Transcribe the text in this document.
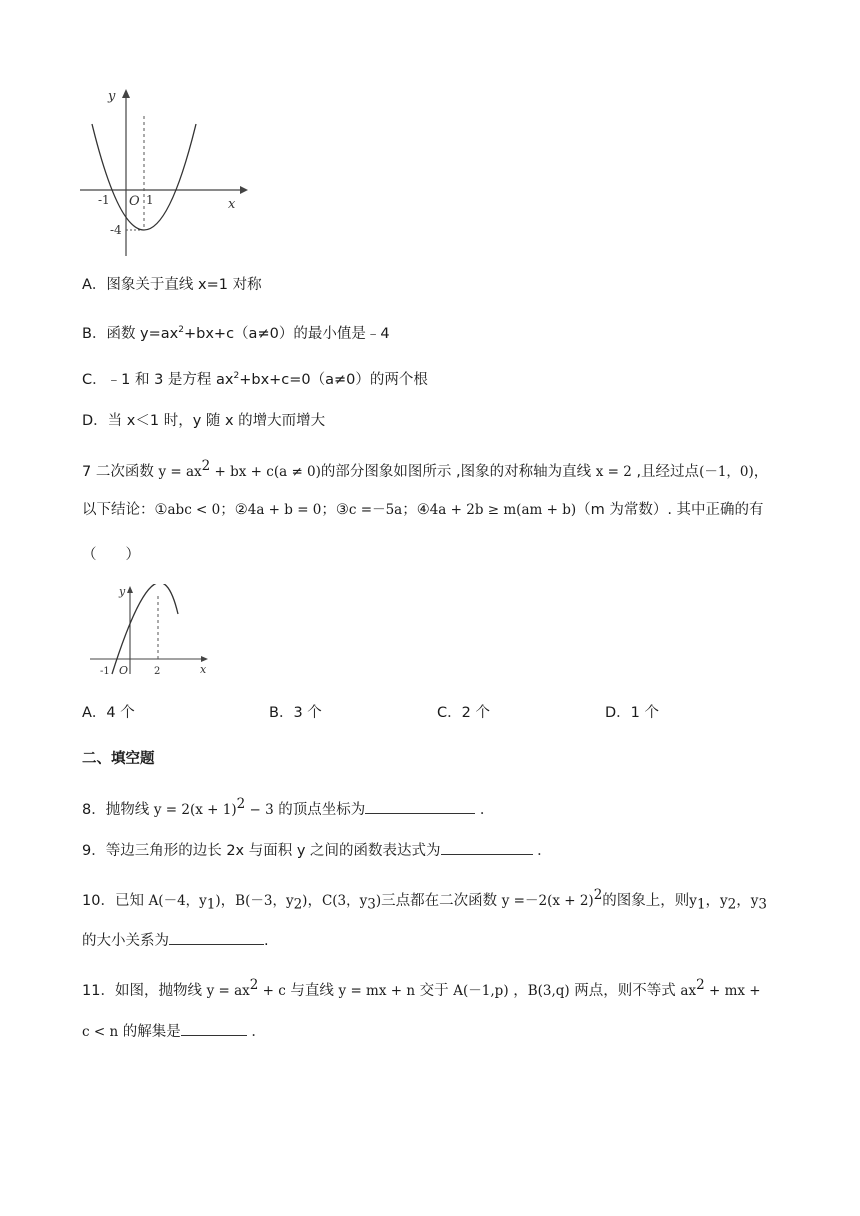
y
x
O
-1	1
-4
A．图象关于直线 x=1 对称
B．函数 $y=ax^2+bx+c(a\ne 0)$的最小值是﹣4
C．﹣1 和 3 是方程 $ax^2+bx+c=0(a\ne 0)$的两个根
D．当 x＜1 时，y 随 x 的增大而增大
7 二次函数 $y = ax^2$ + bx + c(a ≠ 0)的部分图象如图所示 ,图象的对称轴为直线 x = 2 ,且经过点(－1，0)，
以下结论：①abc < 0；②4a + b = 0；③c =－5a；④4a + 2b ≥ m(am + b)（m 为常数）. 其中正确的有
（　　）
y
x
O
-1	2
A．4 个	B．3 个	C．2 个	D．1 个
二、填空题
8．抛物线 $y = 2(x + 1)^2 - 3$ 的顶点坐标为	．
9．等边三角形的边长 2x 与面积 y 之间的函数表达式为	．
10．已知 A(－4，$y_1$)，B(－3，$y_2$)，C(3，$y_3$)三点都在二次函数 $y =-2(x + 2)^2$的图象上，则$y_1$，$y_2$，$y_3$
的大小关系为	.
11．如图，抛物线 $y = ax^2 + c$ 与直线 y = mx + n 交于 A(－1,p) ，B(3,q) 两点，则不等式 $ax^2$ + mx +
c < n 的解集是	．
